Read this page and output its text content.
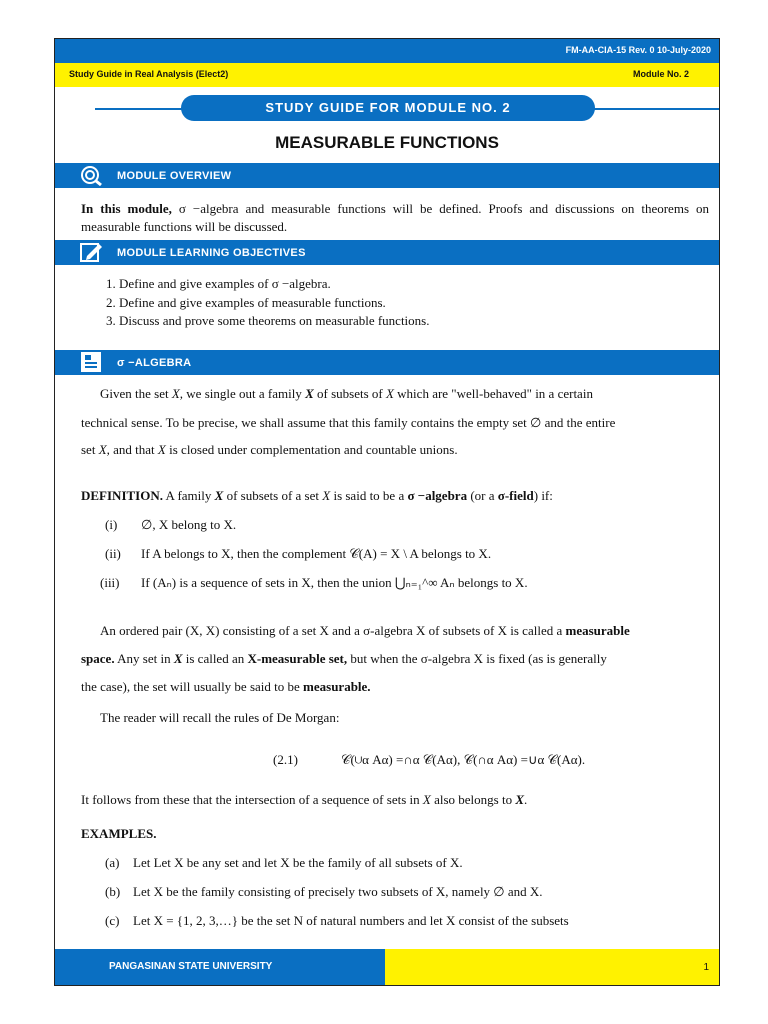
FM-AA-CIA-15 Rev. 0 10-July-2020
Study Guide in Real Analysis (Elect2)	Module No. 2
STUDY GUIDE FOR MODULE NO. 2
MEASURABLE FUNCTIONS
MODULE OVERVIEW
In this module, σ −algebra and measurable functions will be defined. Proofs and discussions on theorems on measurable functions will be discussed.
MODULE LEARNING OBJECTIVES
1. Define and give examples of σ −algebra.
2. Define and give examples of measurable functions.
3. Discuss and prove some theorems on measurable functions.
σ −ALGEBRA
Given the set X, we single out a family X of subsets of X which are "well-behaved" in a certain
technical sense. To be precise, we shall assume that this family contains the empty set ∅ and the entire
set X, and that X is closed under complementation and countable unions.
DEFINITION. A family X of subsets of a set X is said to be a σ −algebra (or a σ-field) if:
(i) ∅, X belong to X.
(ii) If A belongs to X, then the complement 𝒞(A) = X \ A belongs to X.
(iii) If (Aₙ) is a sequence of sets in X, then the union ⋃ₙ₌₁^∞ Aₙ belongs to X.
An ordered pair (X, X) consisting of a set X and a σ-algebra X of subsets of X is called a measurable
space. Any set in X is called an X-measurable set, but when the σ-algebra X is fixed (as is generally
the case), the set will usually be said to be measurable.
The reader will recall the rules of De Morgan:
(2.1)	𝒞(∪α Aα) =∩α 𝒞(Aα), 𝒞(∩α Aα) =∪α 𝒞(Aα).
It follows from these that the intersection of a sequence of sets in X also belongs to X.
EXAMPLES.
(a) Let Let X be any set and let X be the family of all subsets of X.
(b) Let X be the family consisting of precisely two subsets of X, namely ∅ and X.
(c) Let X = {1, 2, 3,…} be the set N of natural numbers and let X consist of the subsets
PANGASINAN STATE UNIVERSITY	1
